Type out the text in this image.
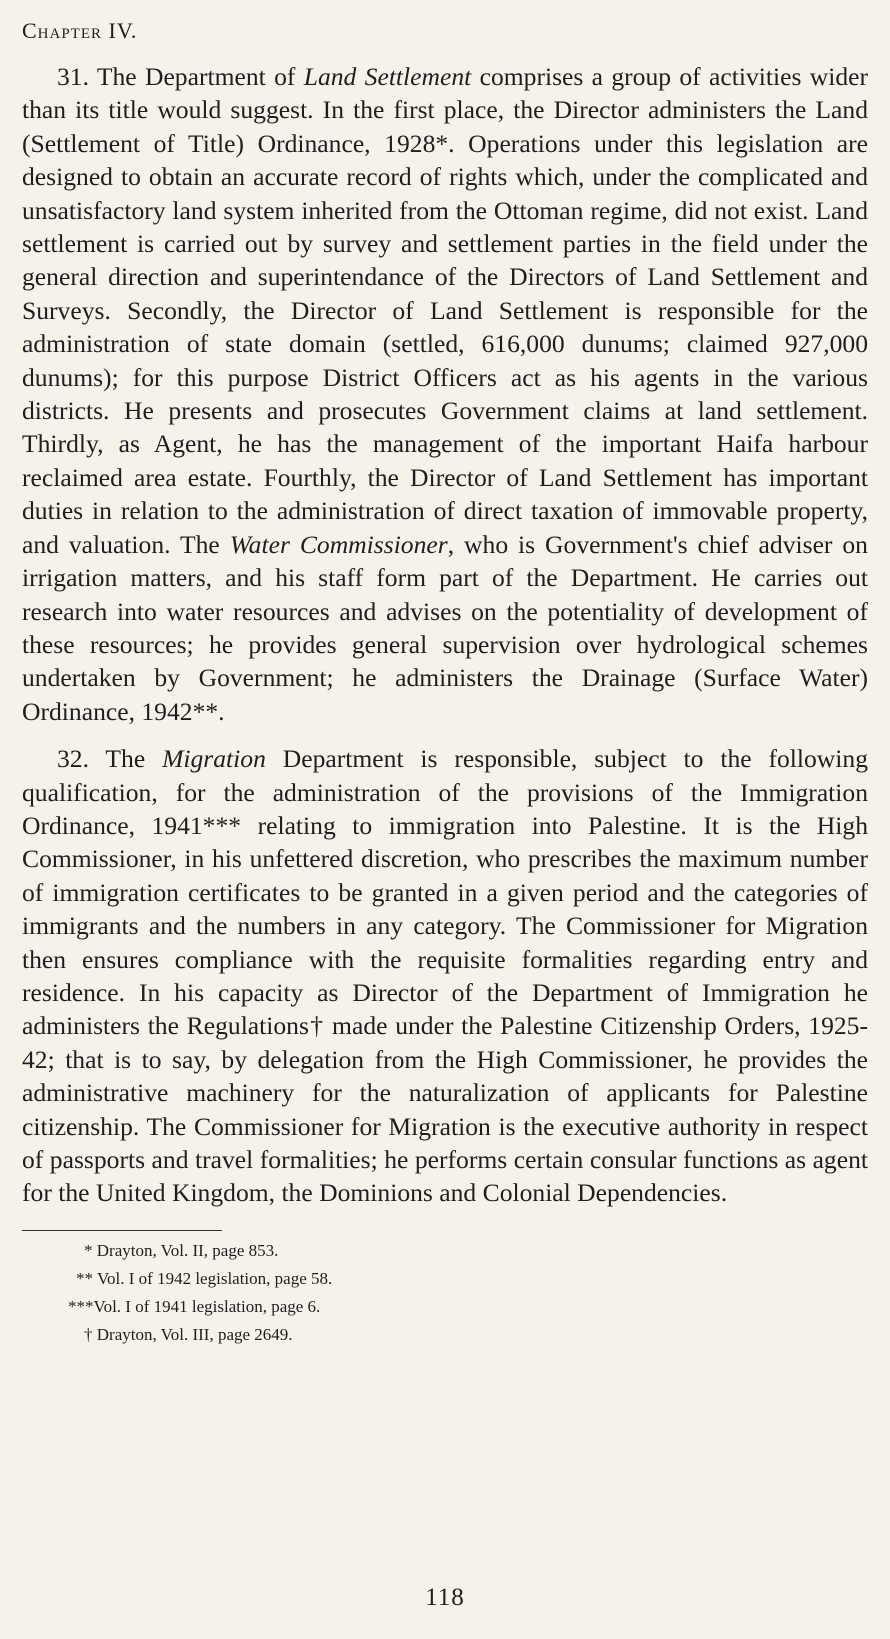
Chapter IV.

31. The Department of Land Settlement comprises a group of activities wider than its title would suggest. In the first place, the Director administers the Land (Settlement of Title) Ordinance, 1928*. Operations under this legislation are designed to obtain an accurate record of rights which, under the complicated and unsatisfactory land system inherited from the Ottoman regime, did not exist. Land settlement is carried out by survey and settlement parties in the field under the general direction and superintendance of the Directors of Land Settlement and Surveys. Secondly, the Director of Land Settlement is responsible for the administration of state domain (settled, 616,000 dunums; claimed 927,000 dunums); for this purpose District Officers act as his agents in the various districts. He presents and prosecutes Government claims at land settlement. Thirdly, as Agent, he has the management of the important Haifa harbour reclaimed area estate. Fourthly, the Director of Land Settlement has important duties in relation to the administration of direct taxation of immovable property, and valuation. The Water Commissioner, who is Government's chief adviser on irrigation matters, and his staff form part of the Department. He carries out research into water resources and advises on the potentiality of development of these resources; he provides general supervision over hydrological schemes undertaken by Government; he administers the Drainage (Surface Water) Ordinance, 1942**.

32. The Migration Department is responsible, subject to the following qualification, for the administration of the provisions of the Immigration Ordinance, 1941*** relating to immigration into Palestine. It is the High Commissioner, in his unfettered discretion, who prescribes the maximum number of immigration certificates to be granted in a given period and the categories of immigrants and the numbers in any category. The Commissioner for Migration then ensures compliance with the requisite formalities regarding entry and residence. In his capacity as Director of the Department of Immigration he administers the Regulations† made under the Palestine Citizenship Orders, 1925-42; that is to say, by delegation from the High Commissioner, he provides the administrative machinery for the naturalization of applicants for Palestine citizenship. The Commissioner for Migration is the executive authority in respect of passports and travel formalities; he performs certain consular functions as agent for the United Kingdom, the Dominions and Colonial Dependencies.

* Drayton, Vol. II, page 853.
** Vol. I of 1942 legislation, page 58.
***Vol. I of 1941 legislation, page 6.
† Drayton, Vol. III, page 2649.
118
